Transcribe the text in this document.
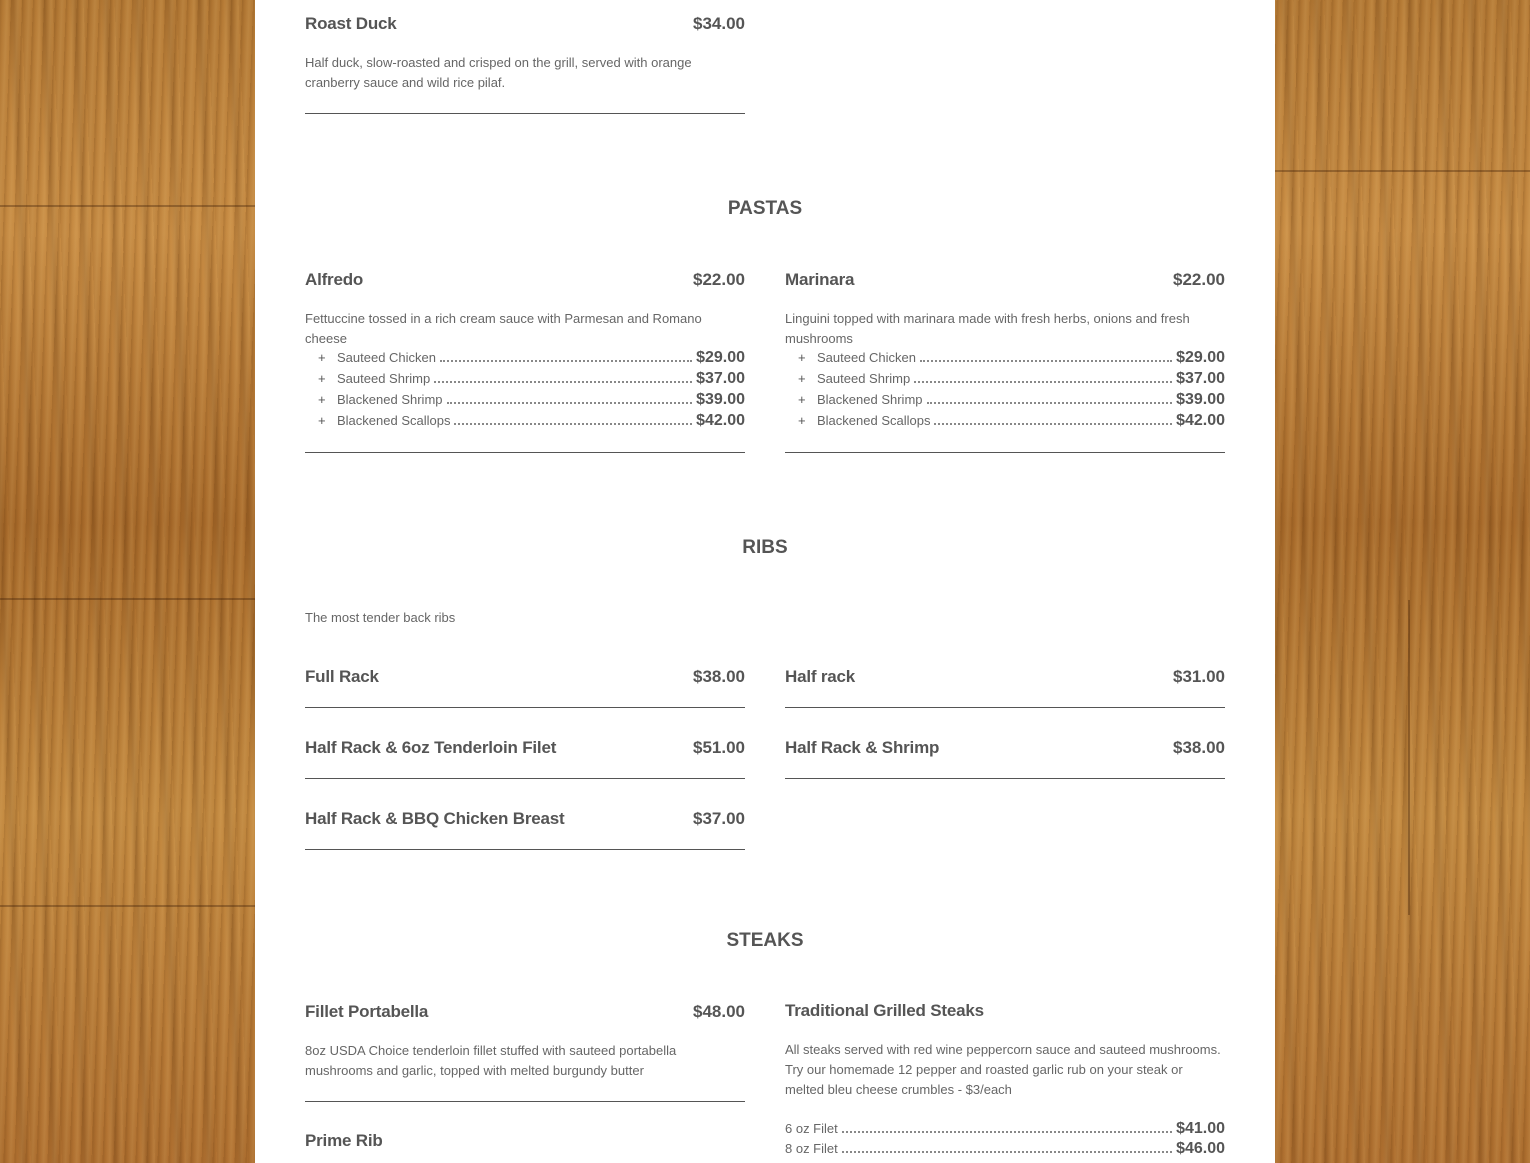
Roast Duck	$34.00
Half duck, slow-roasted and crisped on the grill, served with orange cranberry sauce and wild rice pilaf.
PASTAS
Alfredo	$22.00
Fettuccine tossed in a rich cream sauce with Parmesan and Romano cheese
+ Sauteed Chicken	$29.00
+ Sauteed Shrimp	$37.00
+ Blackened Shrimp	$39.00
+ Blackened Scallops	$42.00
Marinara	$22.00
Linguini topped with marinara made with fresh herbs, onions and fresh mushrooms
+ Sauteed Chicken	$29.00
+ Sauteed Shrimp	$37.00
+ Blackened Shrimp	$39.00
+ Blackened Scallops	$42.00
RIBS
The most tender back ribs
Full Rack	$38.00 Half rack	$31.00
Half Rack & 6oz Tenderloin Filet	$51.00 Half Rack & Shrimp	$38.00
Half Rack & BBQ Chicken Breast	$37.00
STEAKS
Fillet Portabella	$48.00
8oz USDA Choice tenderloin fillet stuffed with sauteed portabella mushrooms and garlic, topped with melted burgundy butter
Prime Rib
Traditional Grilled Steaks
All steaks served with red wine peppercorn sauce and sauteed mushrooms. Try our homemade 12 pepper and roasted garlic rub on your steak or melted bleu cheese crumbles - $3/each
6 oz Filet	$41.00
8 oz Filet	$46.00
